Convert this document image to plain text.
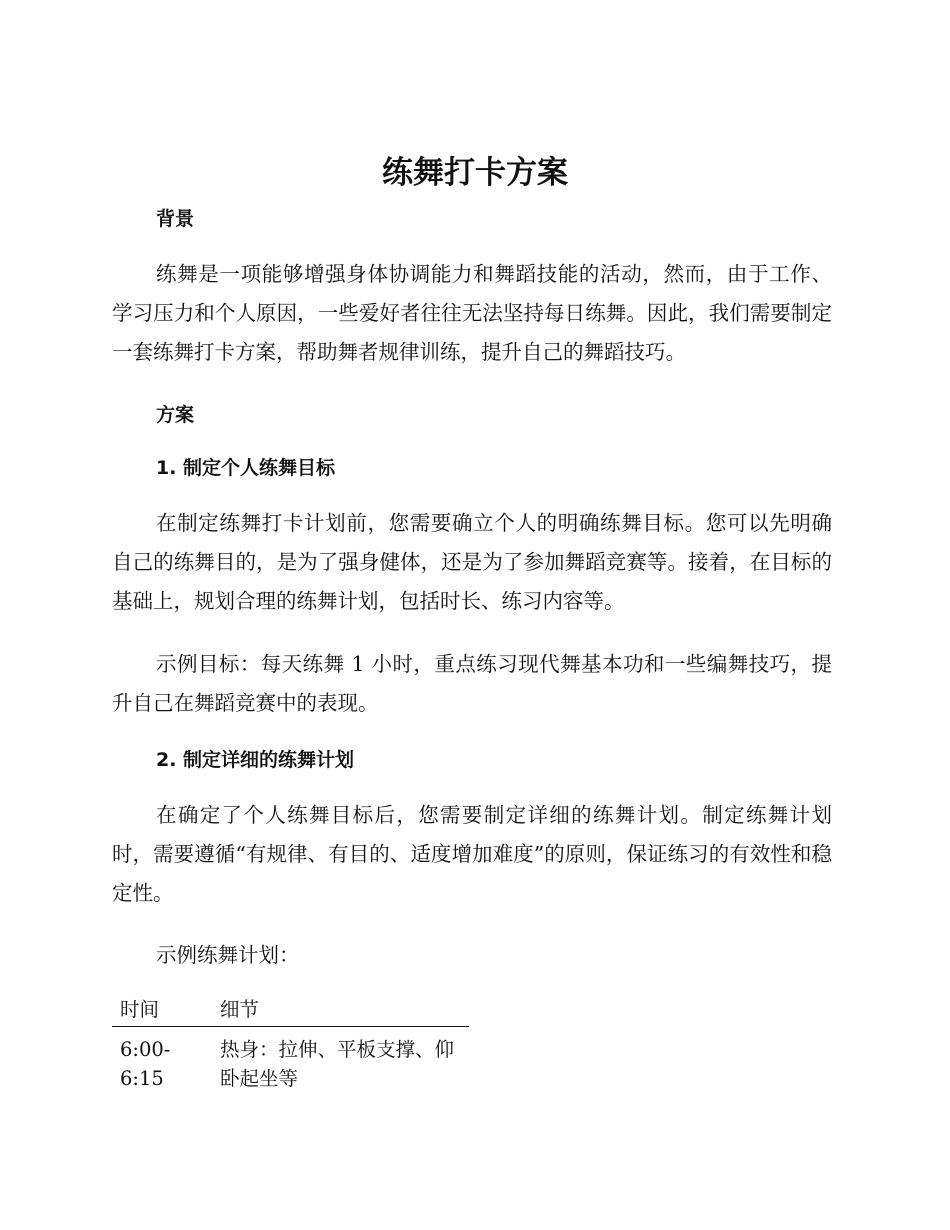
练舞打卡方案
背景

练舞是一项能够增强身体协调能力和舞蹈技能的活动，然而，由于工作、学习压力和个人原因，一些爱好者往往无法坚持每日练舞。因此，我们需要制定一套练舞打卡方案，帮助舞者规律训练，提升自己的舞蹈技巧。

方案
1. 制定个人练舞目标

在制定练舞打卡计划前，您需要确立个人的明确练舞目标。您可以先明确自己的练舞目的，是为了强身健体，还是为了参加舞蹈竞赛等。接着，在目标的基础上，规划合理的练舞计划，包括时长、练习内容等。

示例目标：每天练舞 1 小时，重点练习现代舞基本功和一些编舞技巧，提升自己在舞蹈竞赛中的表现。

2. 制定详细的练舞计划

在确定了个人练舞目标后，您需要制定详细的练舞计划。制定练舞计划时，需要遵循“有规律、有目的、适度增加难度”的原则，保证练习的有效性和稳定性。

示例练舞计划：

时间	细节
6:00-6:15	热身：拉伸、平板支撑、仰卧起坐等
